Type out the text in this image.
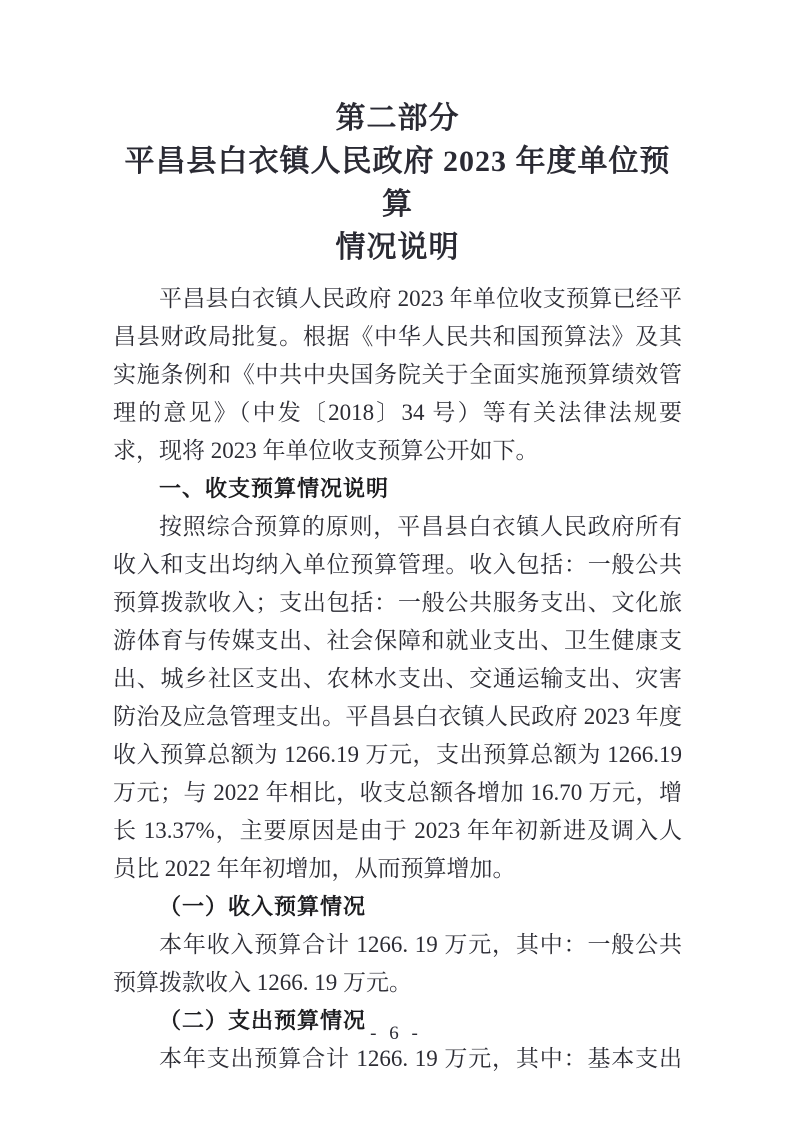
第二部分
平昌县白衣镇人民政府 2023 年度单位预算
情况说明

平昌县白衣镇人民政府 2023 年单位收支预算已经平昌县财政局批复。根据《中华人民共和国预算法》及其实施条例和《中共中央国务院关于全面实施预算绩效管理的意见》（中发〔2018〕34 号）等有关法律法规要求，现将 2023 年单位收支预算公开如下。

一、收支预算情况说明

按照综合预算的原则，平昌县白衣镇人民政府所有收入和支出均纳入单位预算管理。收入包括：一般公共预算拨款收入；支出包括：一般公共服务支出、文化旅游体育与传媒支出、社会保障和就业支出、卫生健康支出、城乡社区支出、农林水支出、交通运输支出、灾害防治及应急管理支出。平昌县白衣镇人民政府 2023 年度收入预算总额为 1266.19 万元，支出预算总额为 1266.19 万元；与 2022 年相比，收支总额各增加 16.70 万元，增长 13.37%，主要原因是由于 2023 年年初新进及调入人员比 2022 年年初增加，从而预算增加。

（一）收入预算情况

本年收入预算合计 1266. 19 万元，其中：一般公共预算拨款收入 1266. 19 万元。

（二）支出预算情况

本年支出预算合计 1266. 19 万元，其中：基本支出

- 6 -
